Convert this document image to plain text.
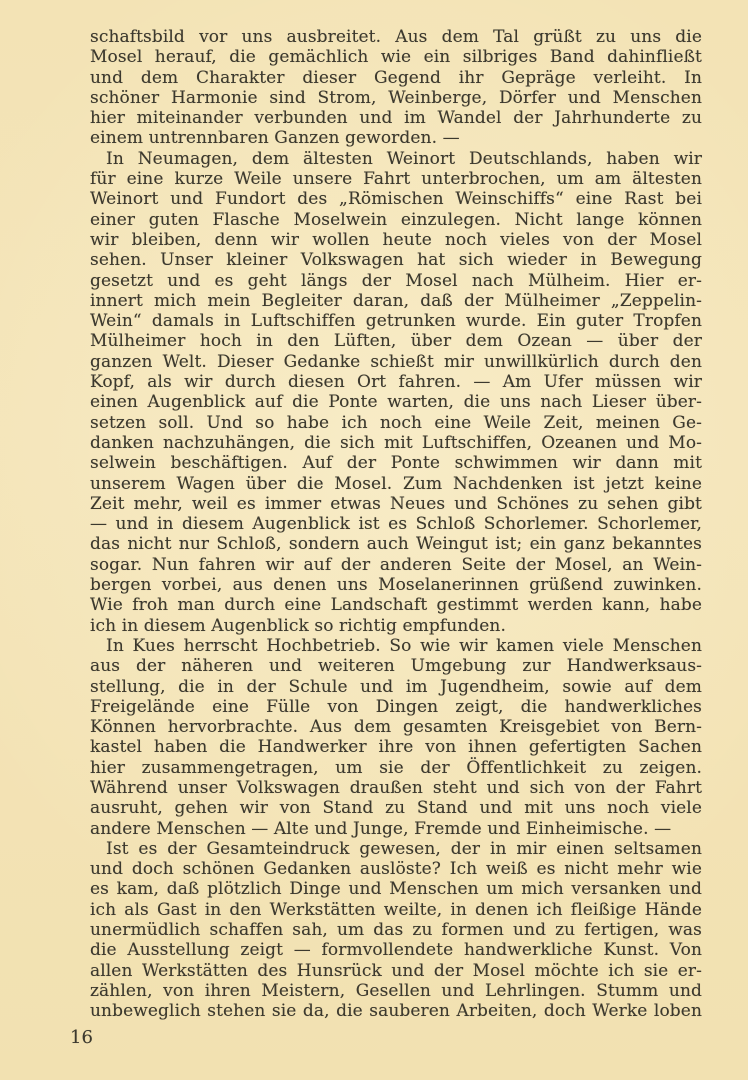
schaftsbild vor uns ausbreitet. Aus dem Tal grüßt zu uns die
Mosel herauf, die gemächlich wie ein silbriges Band dahinfließt
und dem Charakter dieser Gegend ihr Gepräge verleiht. In
schöner Harmonie sind Strom, Weinberge, Dörfer und Menschen
hier miteinander verbunden und im Wandel der Jahrhunderte zu
einem untrennbaren Ganzen geworden. —
In Neumagen, dem ältesten Weinort Deutschlands, haben wir
für eine kurze Weile unsere Fahrt unterbrochen, um am ältesten
Weinort und Fundort des „Römischen Weinschiffs“ eine Rast bei
einer guten Flasche Moselwein einzulegen. Nicht lange können
wir bleiben, denn wir wollen heute noch vieles von der Mosel
sehen. Unser kleiner Volkswagen hat sich wieder in Bewegung
gesetzt und es geht längs der Mosel nach Mülheim. Hier er-
innert mich mein Begleiter daran, daß der Mülheimer „Zeppelin-
Wein“ damals in Luftschiffen getrunken wurde. Ein guter Tropfen
Mülheimer hoch in den Lüften, über dem Ozean — über der
ganzen Welt. Dieser Gedanke schießt mir unwillkürlich durch den
Kopf, als wir durch diesen Ort fahren. — Am Ufer müssen wir
einen Augenblick auf die Ponte warten, die uns nach Lieser über-
setzen soll. Und so habe ich noch eine Weile Zeit, meinen Ge-
danken nachzuhängen, die sich mit Luftschiffen, Ozeanen und Mo-
selwein beschäftigen. Auf der Ponte schwimmen wir dann mit
unserem Wagen über die Mosel. Zum Nachdenken ist jetzt keine
Zeit mehr, weil es immer etwas Neues und Schönes zu sehen gibt
— und in diesem Augenblick ist es Schloß Schorlemer. Schorlemer,
das nicht nur Schloß, sondern auch Weingut ist; ein ganz bekanntes
sogar. Nun fahren wir auf der anderen Seite der Mosel, an Wein-
bergen vorbei, aus denen uns Moselanerinnen grüßend zuwinken.
Wie froh man durch eine Landschaft gestimmt werden kann, habe
ich in diesem Augenblick so richtig empfunden.
In Kues herrscht Hochbetrieb. So wie wir kamen viele Menschen
aus der näheren und weiteren Umgebung zur Handwerksaus-
stellung, die in der Schule und im Jugendheim, sowie auf dem
Freigelände eine Fülle von Dingen zeigt, die handwerkliches
Können hervorbrachte. Aus dem gesamten Kreisgebiet von Bern-
kastel haben die Handwerker ihre von ihnen gefertigten Sachen
hier zusammengetragen, um sie der Öffentlichkeit zu zeigen.
Während unser Volkswagen draußen steht und sich von der Fahrt
ausruht, gehen wir von Stand zu Stand und mit uns noch viele
andere Menschen — Alte und Junge, Fremde und Einheimische. —
Ist es der Gesamteindruck gewesen, der in mir einen seltsamen
und doch schönen Gedanken auslöste? Ich weiß es nicht mehr wie
es kam, daß plötzlich Dinge und Menschen um mich versanken und
ich als Gast in den Werkstätten weilte, in denen ich fleißige Hände
unermüdlich schaffen sah, um das zu formen und zu fertigen, was
die Ausstellung zeigt — formvollendete handwerkliche Kunst. Von
allen Werkstätten des Hunsrück und der Mosel möchte ich sie er-
zählen, von ihren Meistern, Gesellen und Lehrlingen. Stumm und
unbeweglich stehen sie da, die sauberen Arbeiten, doch Werke loben
16
